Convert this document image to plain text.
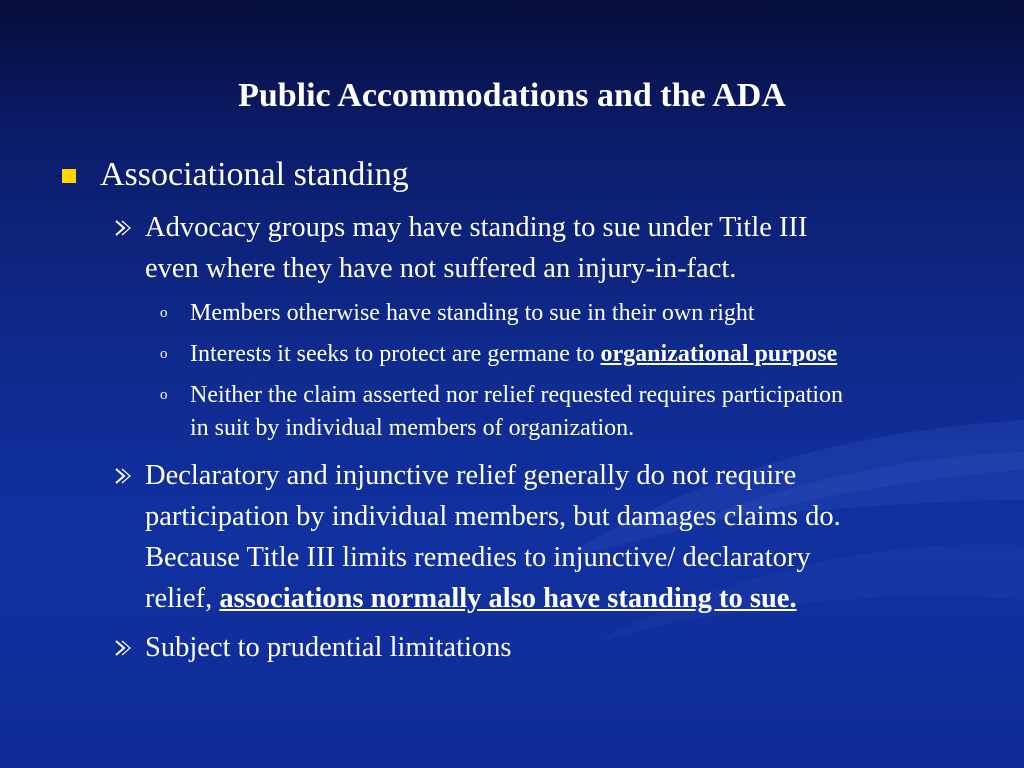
Public Accommodations and the ADA
Associational standing
Advocacy groups may have standing to sue under Title III
even where they have not suffered an injury-in-fact.
o Members otherwise have standing to sue in their own right
o Interests it seeks to protect are germane to organizational purpose
o Neither the claim asserted nor relief requested requires participation
in suit by individual members of organization.
Declaratory and injunctive relief generally do not require
participation by individual members, but damages claims do.
Because Title III limits remedies to injunctive/ declaratory
relief, associations normally also have standing to sue.
Subject to prudential limitations
